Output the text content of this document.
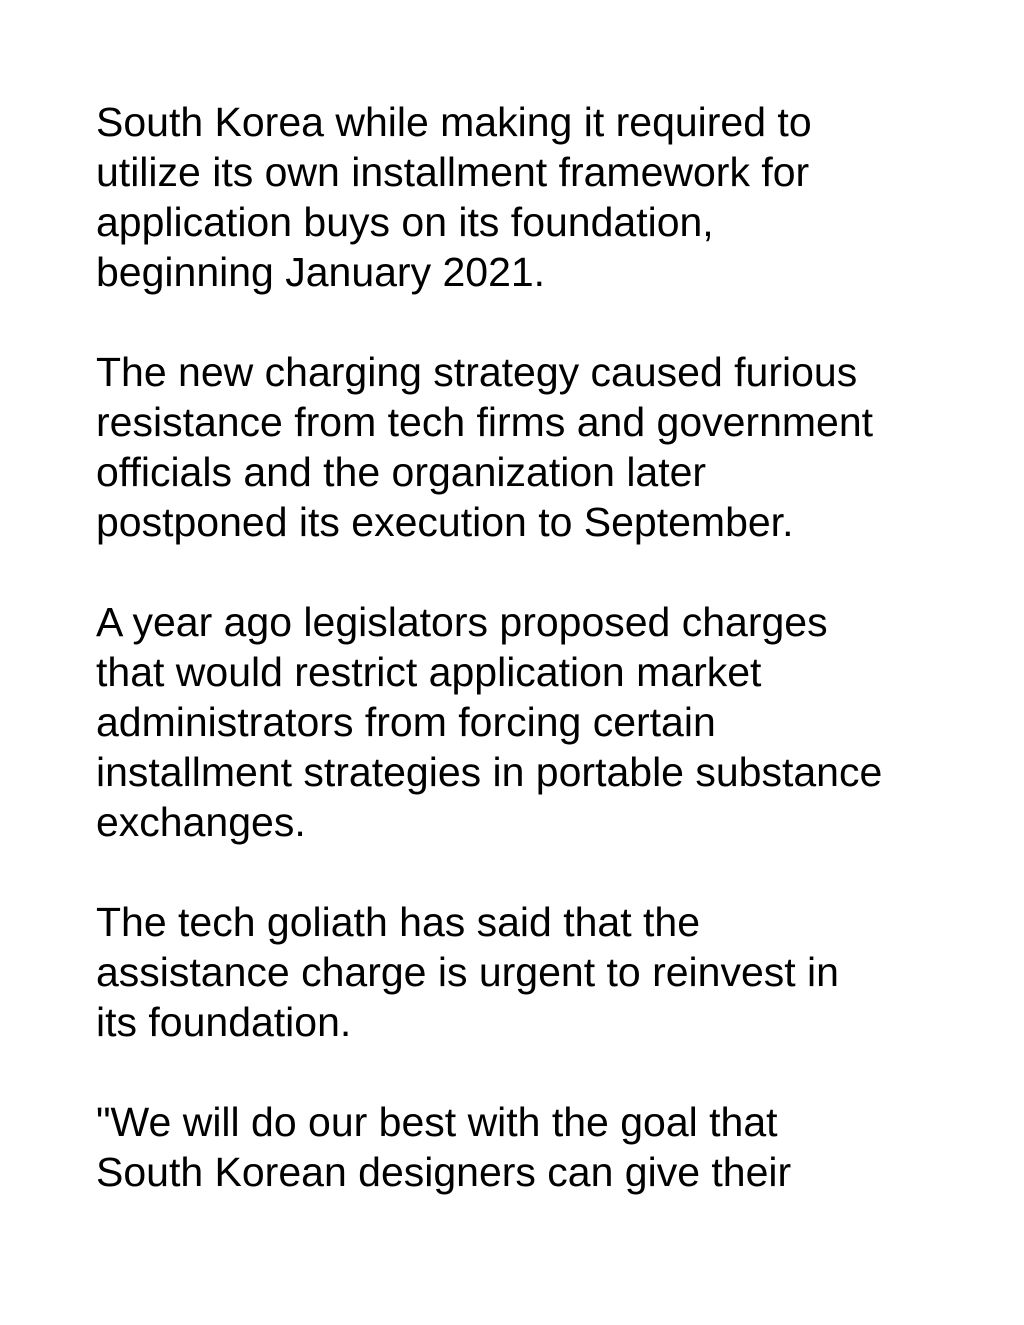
South Korea while making it required to
utilize its own installment framework for
application buys on its foundation,
beginning January 2021.

The new charging strategy caused furious
resistance from tech firms and government
officials and the organization later
postponed its execution to September.

A year ago legislators proposed charges
that would restrict application market
administrators from forcing certain
installment strategies in portable substance
exchanges.

The tech goliath has said that the
assistance charge is urgent to reinvest in
its foundation.

"We will do our best with the goal that
South Korean designers can give their
